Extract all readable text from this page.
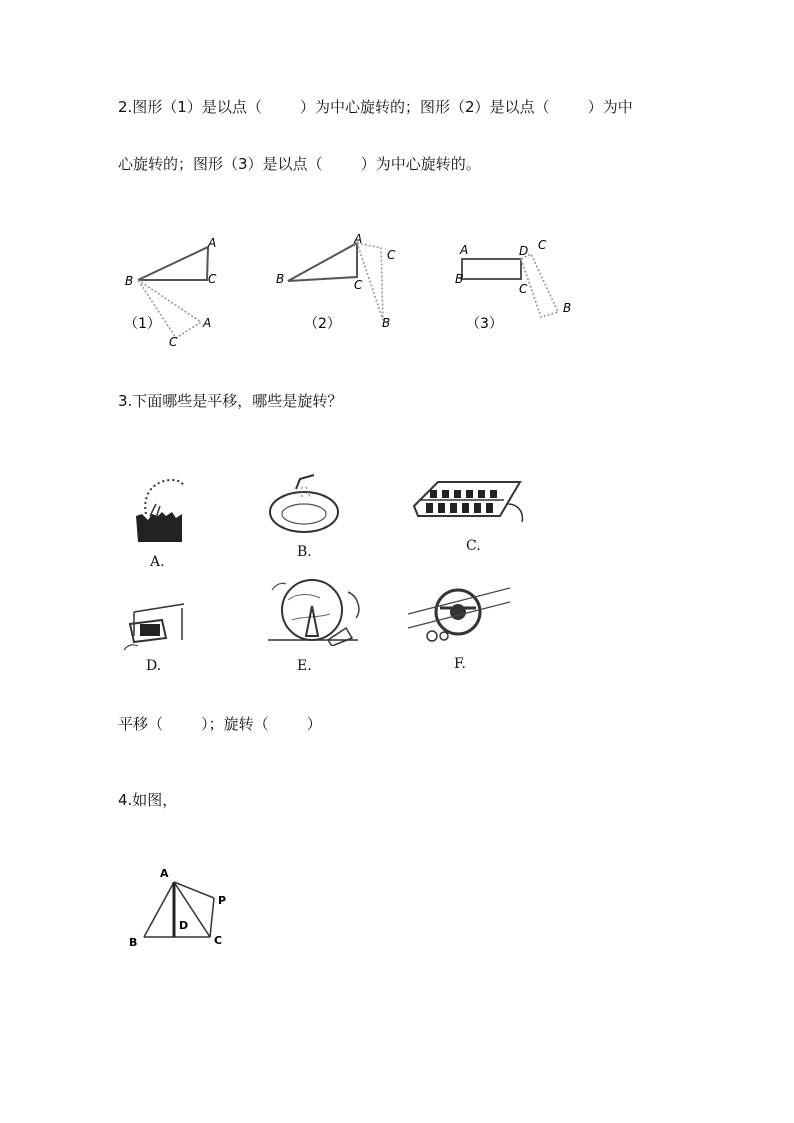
2.图形（1）是以点（        ）为中心旋转的；图形（2）是以点（        ）为中
心旋转的；图形（3）是以点（        ）为中心旋转的。
A
B	C
A
C
（1）
A
B	C
C
B
（2）
A
B
D C
C
B
（3）
3.下面哪些是平移，哪些是旋转？
A.
B.	C.
D.	E.	F.
平移（        ）；旋转（        ）
4.如图，
A
P
D
B	C
